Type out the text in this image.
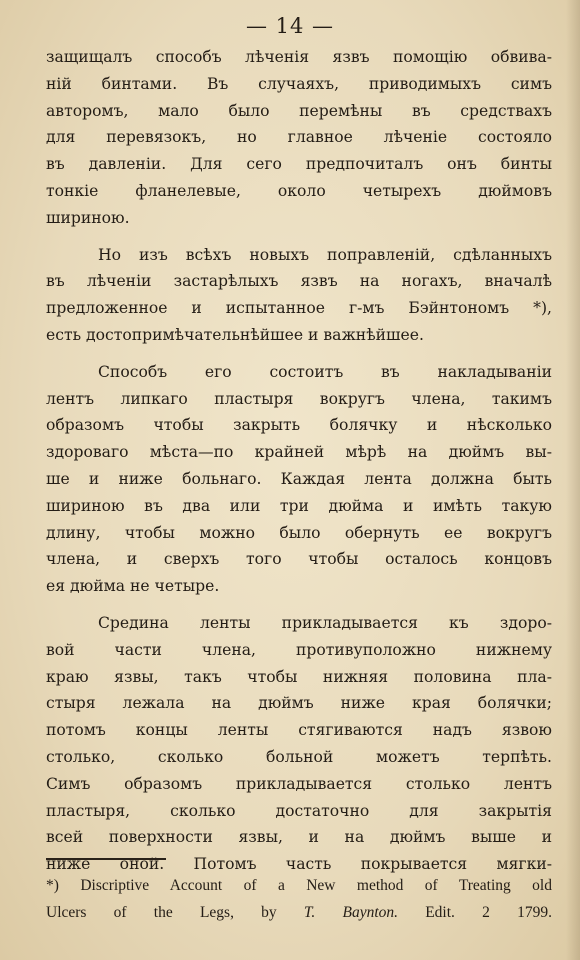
— 14 —
защищалъ способъ лѣченія язвъ помощію обвива-
ній бинтами. Въ случаяхъ, приводимыхъ симъ
авторомъ, мало было перемѣны въ средствахъ
для перевязокъ, но главное лѣченіе состояло
въ давленіи. Для сего предпочиталъ онъ бинты
тонкіе фланелевые, около четырехъ дюймовъ
шириною.
Но изъ всѣхъ новыхъ поправленій, сдѣланныхъ
въ лѣченіи застарѣлыхъ язвъ на ногахъ, вначалѣ
предложенное и испытанное г-мъ Бэйнтономъ *),
есть достопримѣчательнѣйшее и важнѣйшее.
Способъ его состоитъ въ накладываніи
лентъ липкаго пластыря вокругъ члена, такимъ
образомъ чтобы закрыть болячку и нѣсколько
здороваго мѣста—по крайней мѣрѣ на дюймъ вы-
ше и ниже больнаго. Каждая лента должна быть
шириною въ два или три дюйма и имѣть такую
длину, чтобы можно было обернуть ее вокругъ
члена, и сверхъ того чтобы осталось концовъ
ея дюйма не четыре.
Средина ленты прикладывается къ здоро-
вой части члена, противуположно нижнему
краю язвы, такъ чтобы нижняя половина пла-
стыря лежала на дюймъ ниже края болячки;
потомъ концы ленты стягиваются надъ язвою
столько, сколько больной можетъ терпѣть.
Симъ образомъ прикладывается столько лентъ
пластыря, сколько достаточно для закрытія
всей поверхности язвы, и на дюймъ выше и
ниже оной. Потомъ часть покрывается мягки-
*) Discriptive Account of a New method of Treating old
Ulcers of the Legs, by T. Baynton. Edit. 2 1799.
